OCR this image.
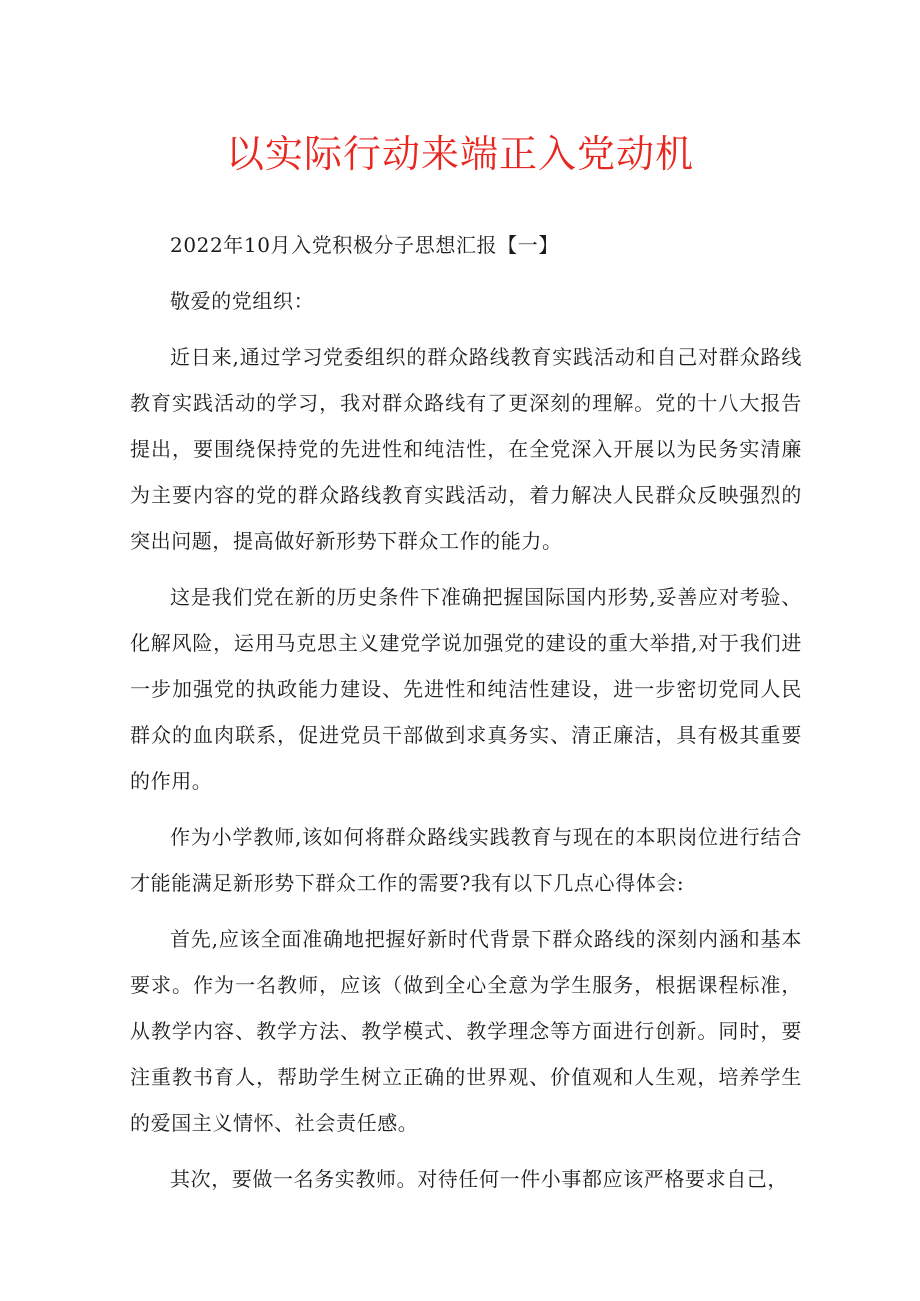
以实际行动来端正入党动机

2022年10月入党积极分子思想汇报【一】

敬爱的党组织：

近日来,通过学习党委组织的群众路线教育实践活动和自己对群众路线教育实践活动的学习，我对群众路线有了更深刻的理解。党的十八大报告提出，要围绕保持党的先进性和纯洁性，在全党深入开展以为民务实清廉为主要内容的党的群众路线教育实践活动，着力解决人民群众反映强烈的突出问题，提高做好新形势下群众工作的能力。

这是我们党在新的历史条件下准确把握国际国内形势,妥善应对考验、化解风险，运用马克思主义建党学说加强党的建设的重大举措,对于我们进一步加强党的执政能力建设、先进性和纯洁性建设，进一步密切党同人民群众的血肉联系，促进党员干部做到求真务实、清正廉洁，具有极其重要的作用。

作为小学教师,该如何将群众路线实践教育与现在的本职岗位进行结合才能能满足新形势下群众工作的需要?我有以下几点心得体会:

首先,应该全面准确地把握好新时代背景下群众路线的深刻内涵和基本要求。作为一名教师，应该（做到全心全意为学生服务，根据课程标准，从教学内容、教学方法、教学模式、教学理念等方面进行创新。同时，要注重教书育人，帮助学生树立正确的世界观、价值观和人生观，培养学生的爱国主义情怀、社会责任感。

其次，要做一名务实教师。对待任何一件小事都应该严格要求自己，
